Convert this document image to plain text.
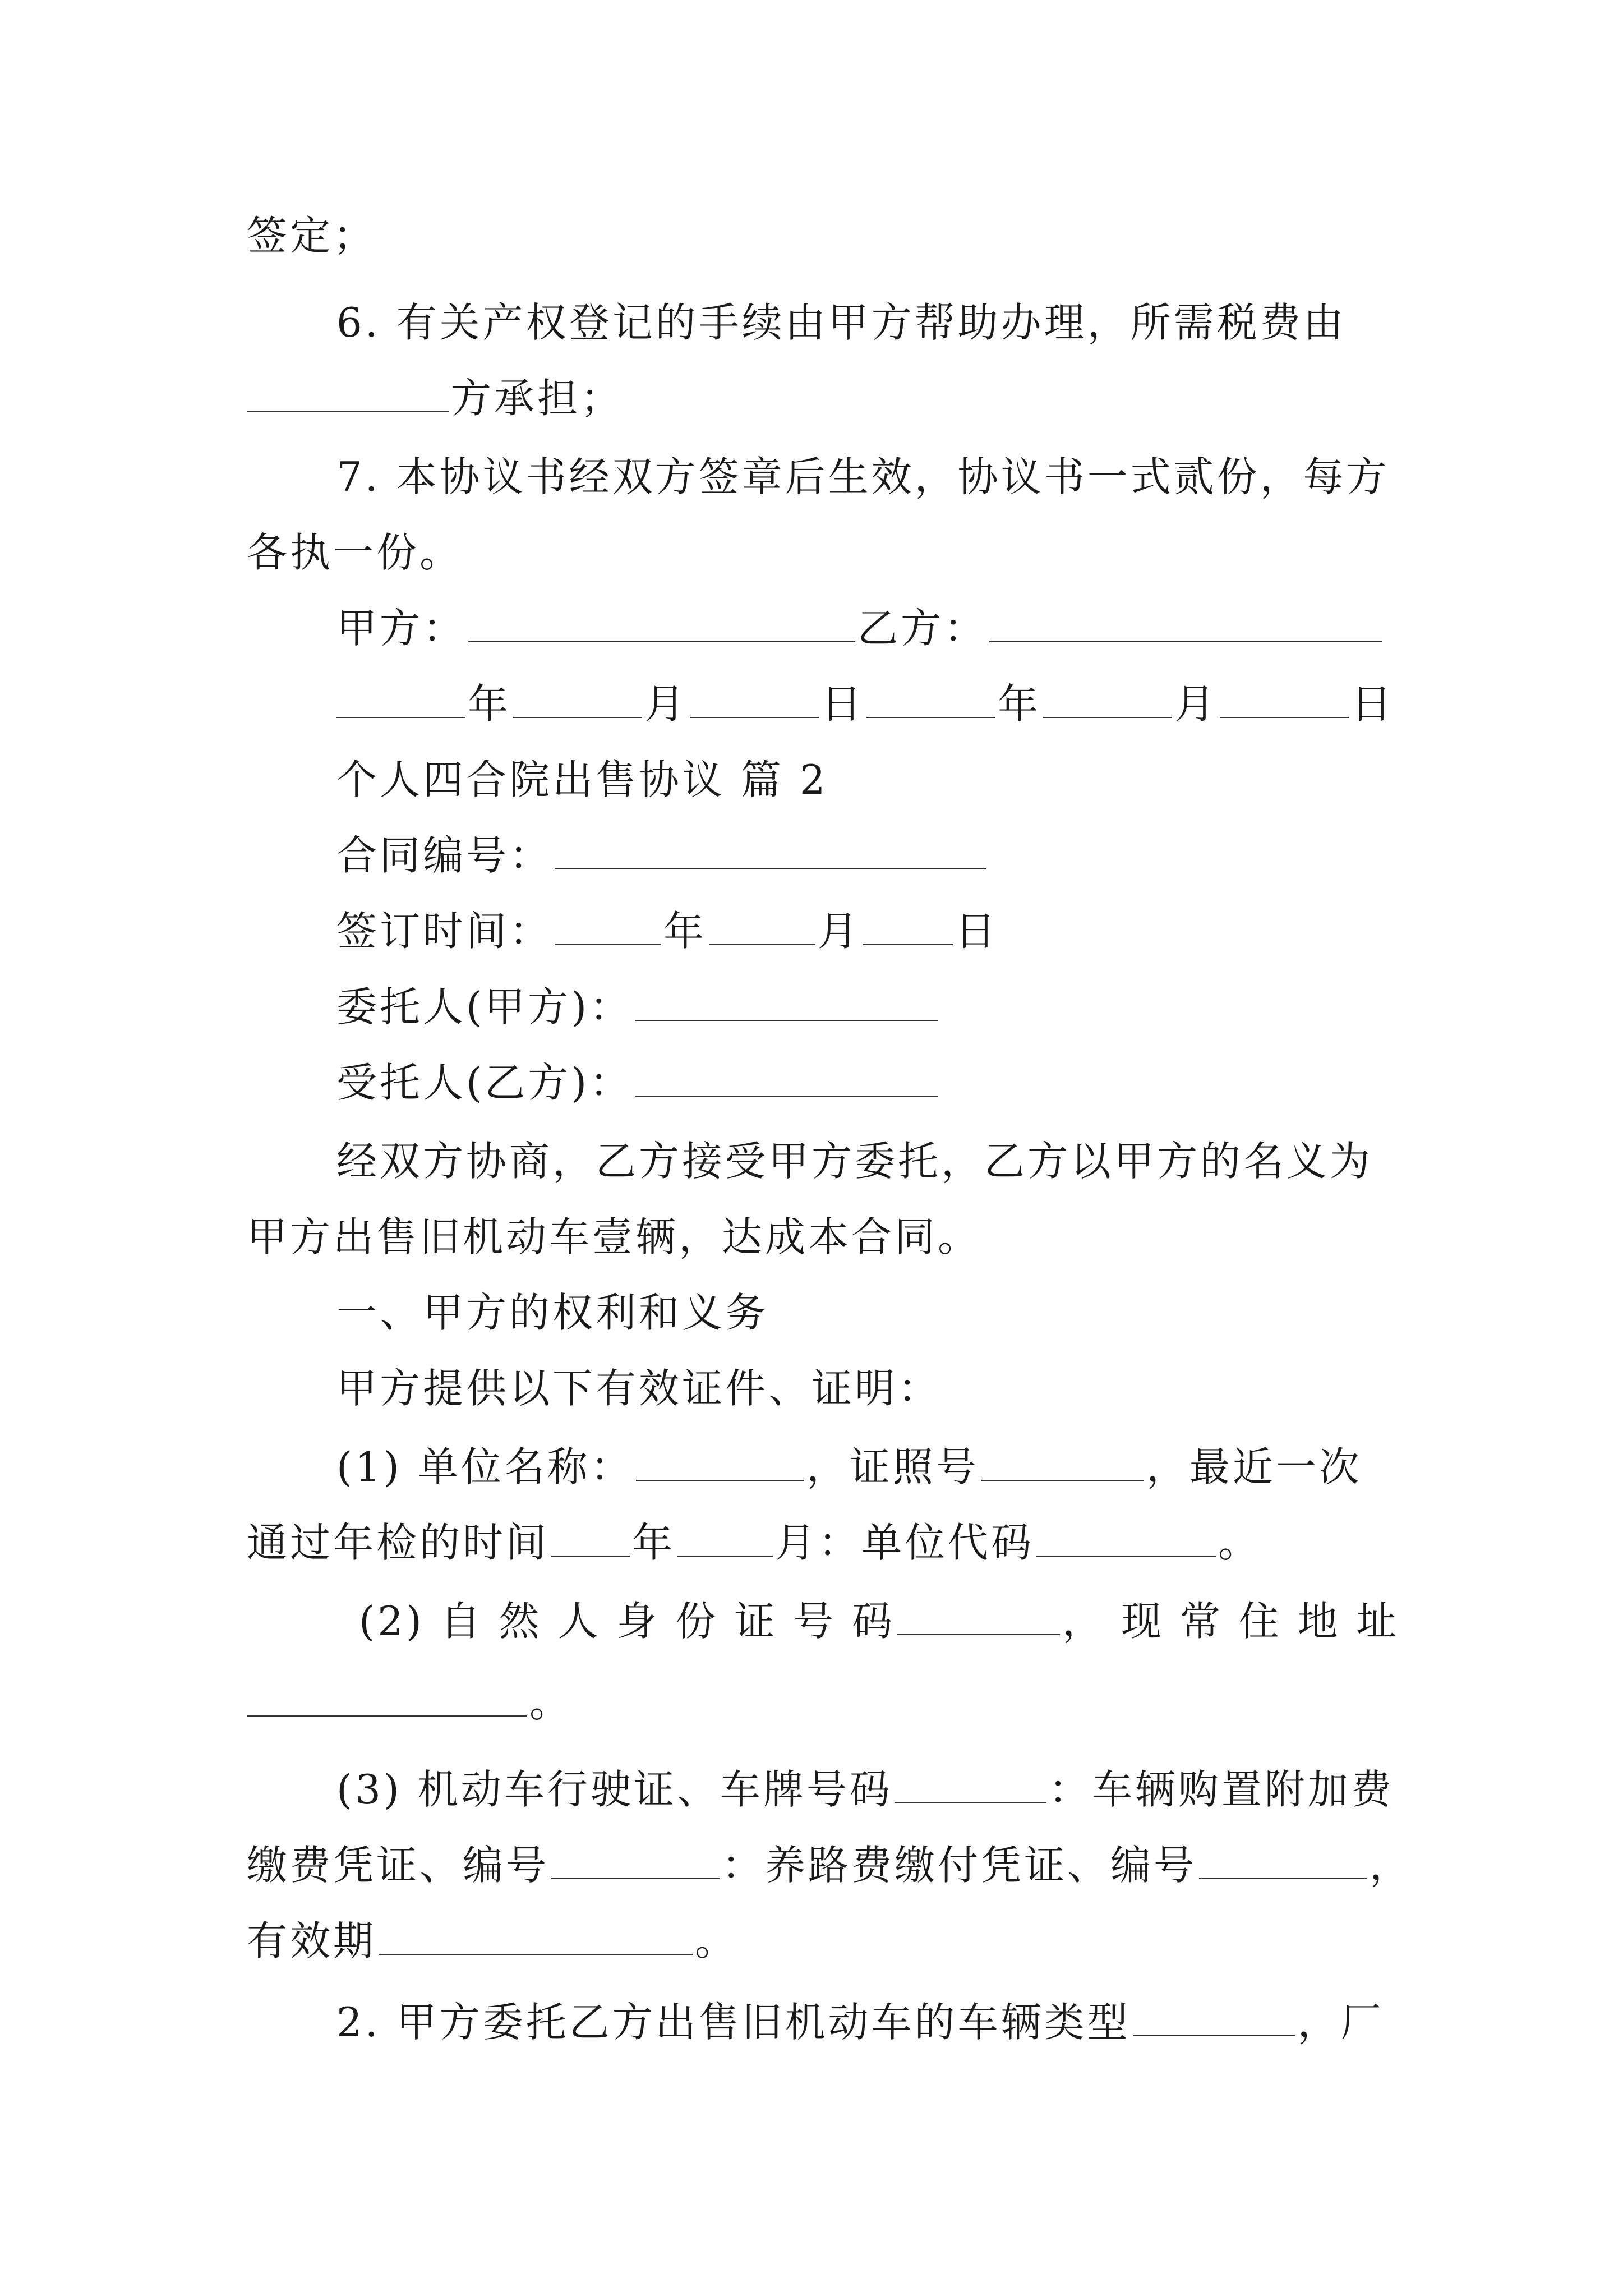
签定；
6. 有关产权登记的手续由甲方帮助办理，所需税费由
方承担；
7. 本协议书经双方签章后生效，协议书一式贰份，每方
各执一份。
甲方：	乙方：
年	月	日	年	月	日
个人四合院出售协议 篇 2
合同编号：
签订时间：	年	月 日
委托人(甲方)：
受托人(乙方)：
经双方协商，乙方接受甲方委托，乙方以甲方的名义为
甲方出售旧机动车壹辆，达成本合同。
一、甲方的权利和义务
甲方提供以下有效证件、证明：
(1) 单位名称：	，证照号	，最近一次
通过年检的时间 年 月：单位代码	。
(2) 自 然 人 身 份 证 号 码	， 现 常 住 地 址
。
(3) 机动车行驶证、车牌号码	：车辆购置附加费
缴费凭证、编号	：养路费缴付凭证、编号	，
有效期	。
2. 甲方委托乙方出售旧机动车的车辆类型	，厂
